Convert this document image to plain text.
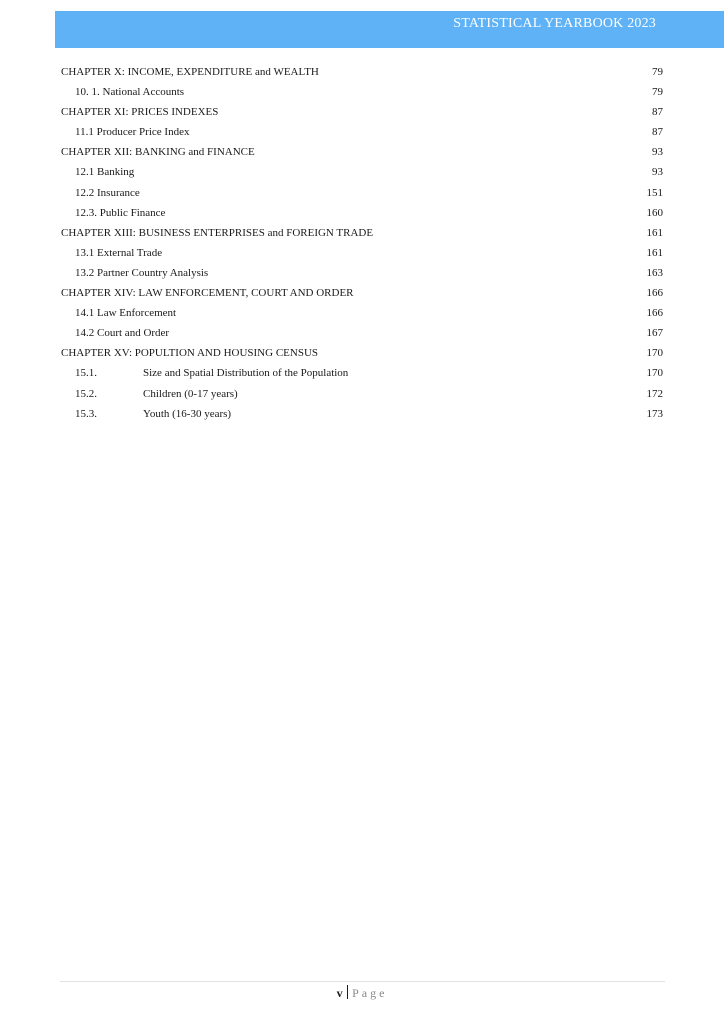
STATISTICAL YEARBOOK 2023
CHAPTER X: INCOME, EXPENDITURE and WEALTH	79
10. 1. National Accounts	79
CHAPTER XI: PRICES INDEXES	87
11.1 Producer Price Index	87
CHAPTER XII: BANKING and FINANCE	93
12.1 Banking	93
12.2 Insurance	151
12.3. Public Finance	160
CHAPTER XIII: BUSINESS ENTERPRISES and FOREIGN TRADE	161
13.1 External Trade	161
13.2 Partner Country Analysis	163
CHAPTER XIV: LAW ENFORCEMENT, COURT AND ORDER	166
14.1 Law Enforcement	166
14.2 Court and Order	167
CHAPTER XV: POPULTION AND HOUSING CENSUS	170
15.1.	Size and Spatial Distribution of the Population	170
15.2.	Children (0-17 years)	172
15.3.	Youth (16-30 years)	173
v Page
